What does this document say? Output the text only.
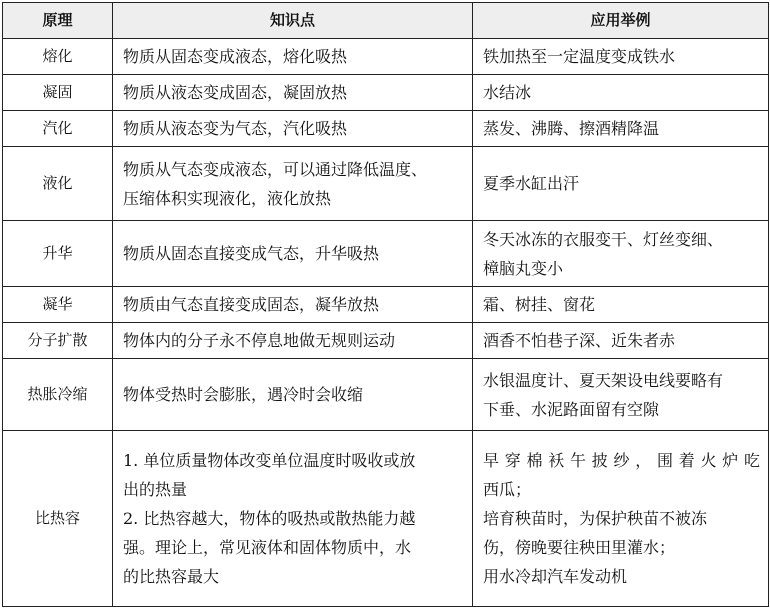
原理	知识点	应用举例
熔化	物质从固态变成液态，熔化吸热	铁加热至一定温度变成铁水

凝固	物质从液态变成固态，凝固放热	水结冰

汽化	物质从液态变为气态，汽化吸热	蒸发、沸腾、擦酒精降温

液化	物质从气态变成液态，可以通过降低温度、
压缩体积实现液化，液化放热	夏季水缸出汗

升华	物质从固态直接变成气态，升华吸热	冬天冰冻的衣服变干、灯丝变细、
樟脑丸变小

凝华	物质由气态直接变成固态，凝华放热	霜、树挂、窗花

分子扩散	物体内的分子永不停息地做无规则运动	酒香不怕巷子深、近朱者赤

热胀冷缩	物体受热时会膨胀，遇冷时会收缩	水银温度计、夏天架设电线要略有
下垂、水泥路面留有空隙

比热容	1. 单位质量物体改变单位温度时吸收或放
出的热量
2. 比热容越大，物体的吸热或散热能力越
强。理论上，常见液体和固体物质中，水
的比热容最大	早穿棉袄午披纱，围着火炉吃
西瓜；
培育秧苗时，为保护秧苗不被冻
伤，傍晚要往秧田里灌水；
用水冷却汽车发动机
